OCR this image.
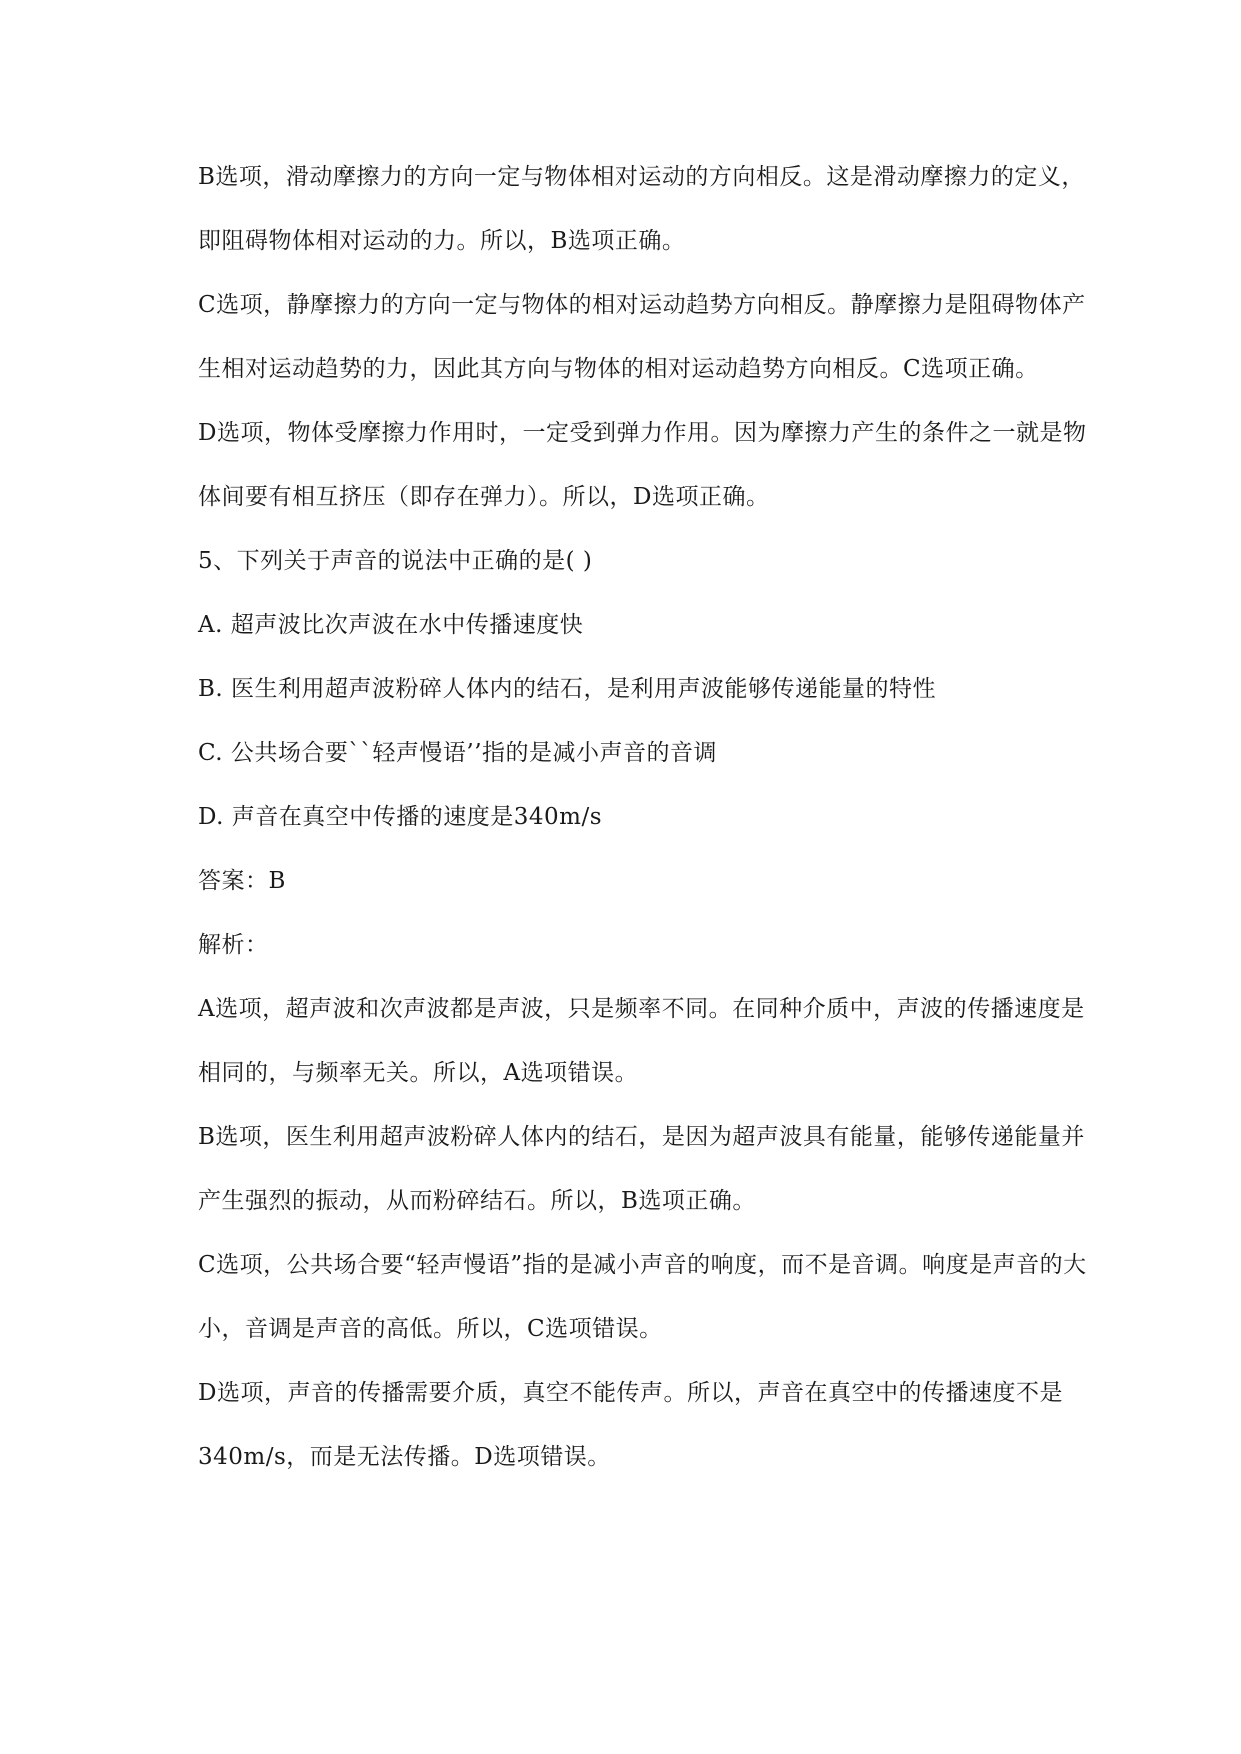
B选项，滑动摩擦力的方向一定与物体相对运动的方向相反。这是滑动摩擦力的定义，即阻碍物体相对运动的力。所以，B选项正确。

C选项，静摩擦力的方向一定与物体的相对运动趋势方向相反。静摩擦力是阻碍物体产生相对运动趋势的力，因此其方向与物体的相对运动趋势方向相反。C选项正确。

D选项，物体受摩擦力作用时，一定受到弹力作用。因为摩擦力产生的条件之一就是物体间要有相互挤压（即存在弹力）。所以，D选项正确。

5、下列关于声音的说法中正确的是( )

A. 超声波比次声波在水中传播速度快

B. 医生利用超声波粉碎人体内的结石，是利用声波能够传递能量的特性

C. 公共场合要``轻声慢语’’指的是减小声音的音调

D. 声音在真空中传播的速度是340m/s

答案：B

解析：

A选项，超声波和次声波都是声波，只是频率不同。在同种介质中，声波的传播速度是相同的，与频率无关。所以，A选项错误。

B选项，医生利用超声波粉碎人体内的结石，是因为超声波具有能量，能够传递能量并产生强烈的振动，从而粉碎结石。所以，B选项正确。

C选项，公共场合要“轻声慢语”指的是减小声音的响度，而不是音调。响度是声音的大小，音调是声音的高低。所以，C选项错误。

D选项，声音的传播需要介质，真空不能传声。所以，声音在真空中的传播速度不是340m/s，而是无法传播。D选项错误。
